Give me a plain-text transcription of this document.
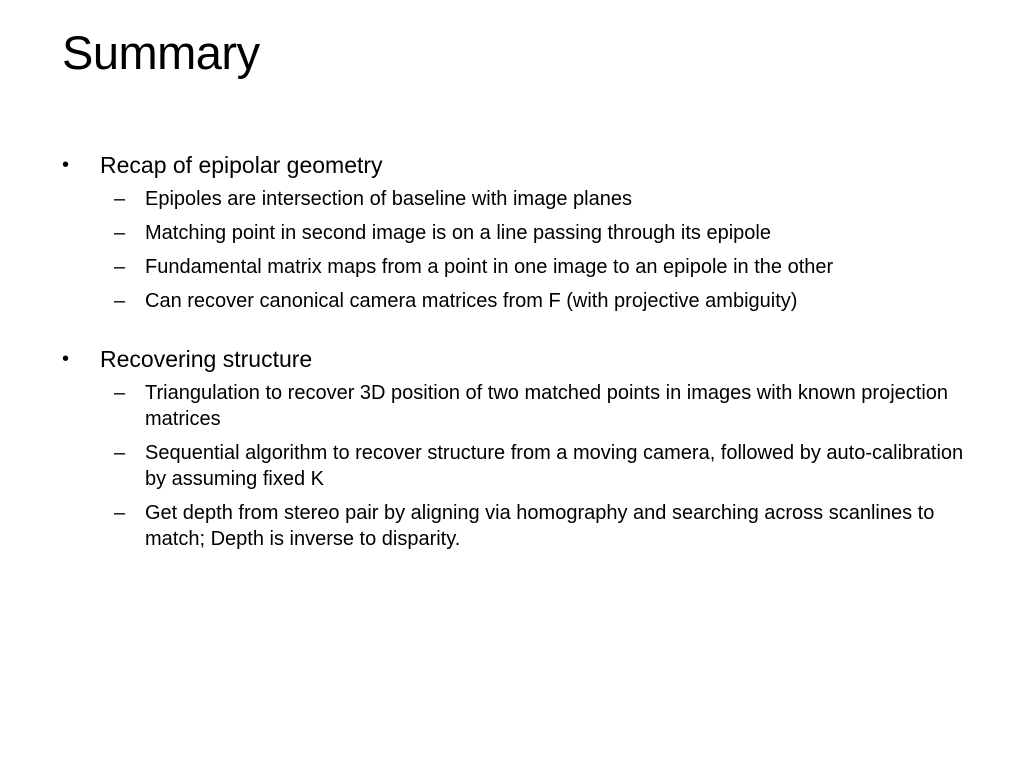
Summary
•	Recap of epipolar geometry
– Epipoles are intersection of baseline with image planes
– Matching point in second image is on a line passing through its epipole
– Fundamental matrix maps from a point in one image to an epipole in the other
– Can recover canonical camera matrices from F (with projective ambiguity)
•	Recovering structure
– Triangulation to recover 3D position of two matched points in images with known projection matrices
– Sequential algorithm to recover structure from a moving camera, followed by auto-calibration by assuming fixed K
– Get depth from stereo pair by aligning via homography and searching across scanlines to match; Depth is inverse to disparity.
